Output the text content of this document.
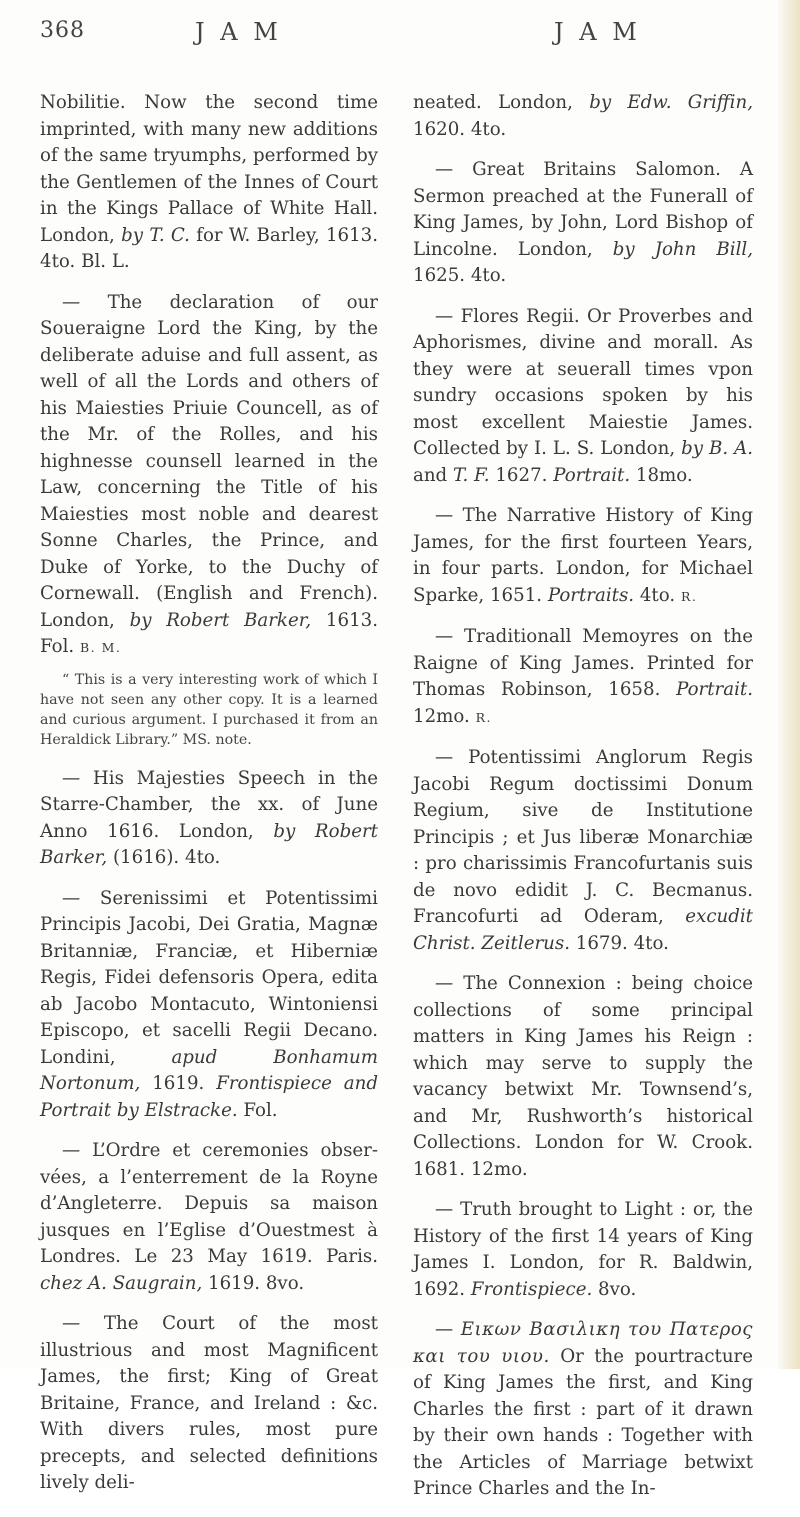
368	J A M	J A M

Nobilitie. Now the second time imprinted, with many new additions of the same tryumphs, performed by the Gentlemen of the Innes of Court in the Kings Pallace of White Hall. London, by T. C. for W. Barley, 1613. 4to. Bl. L.

— The declaration of our Soueraigne Lord the King, by the deliberate aduise and full assent, as well of all the Lords and others of his Maiesties Priuie Councell, as of the Mr. of the Rolles, and his highnesse counsell learned in the Law, concerning the Title of his Maiesties most noble and dearest Sonne Charles, the Prince, and Duke of Yorke, to the Duchy of Cornewall. (English and French). London, by Robert Barker, 1613. Fol. B. M.

“ This is a very interesting work of which I have not seen any other copy. It is a learned and curious argument. I purchased it from an Heraldick Library.” MS. note.

— His Majesties Speech in the Starre-Chamber, the xx. of June Anno 1616. London, by Robert Barker, (1616). 4to.

— Serenissimi et Potentissimi Principis Jacobi, Dei Gratia, Magnæ Britanniæ, Franciæ, et Hiberniæ Regis, Fidei defensoris Opera, edita ab Jacobo Montacuto, Wintoniensi Episcopo, et sacelli Regii Decano. Londini, apud Bonhamum Nortonum, 1619. Frontispiece and Portrait by Elstracke. Fol.

— L’Ordre et ceremonies obser-vées, a l’enterrement de la Royne d’Angleterre. Depuis sa maison jusques en l’Eglise d’Ouestmest à Londres. Le 23 May 1619. Paris. chez A. Saugrain, 1619. 8vo.

— The Court of the most illustrious and most Magnificent James, the first; King of Great Britaine, France, and Ireland : &c. With divers rules, most pure precepts, and selected definitions lively deli-

neated. London, by Edw. Griffin, 1620. 4to.

— Great Britains Salomon. A Sermon preached at the Funerall of King James, by John, Lord Bishop of Lincolne. London, by John Bill, 1625. 4to.

— Flores Regii. Or Proverbes and Aphorismes, divine and morall. As they were at seuerall times vpon sundry occasions spoken by his most excellent Maiestie James. Collected by I. L. S. London, by B. A. and T. F. 1627. Portrait. 18mo.

— The Narrative History of King James, for the first fourteen Years, in four parts. London, for Michael Sparke, 1651. Portraits. 4to. R.

— Traditionall Memoyres on the Raigne of King James. Printed for Thomas Robinson, 1658. Portrait. 12mo. R.

— Potentissimi Anglorum Regis Jacobi Regum doctissimi Donum Regium, sive de Institutione Principis ; et Jus liberæ Monarchiæ : pro charissimis Francofurtanis suis de novo edidit J. C. Becmanus. Francofurti ad Oderam, excudit Christ. Zeitlerus. 1679. 4to.

— The Connexion : being choice collections of some principal matters in King James his Reign : which may serve to supply the vacancy betwixt Mr. Townsend’s, and Mr, Rushworth’s historical Collections. London for W. Crook. 1681. 12mo.

— Truth brought to Light : or, the History of the first 14 years of King James I. London, for R. Baldwin, 1692. Frontispiece. 8vo.

— Εικων Βασιλικη του Πατερος και του υιου. Or the pourtracture of King James the first, and King Charles the first : part of it drawn by their own hands : Together with the Articles of Marriage betwixt Prince Charles and the In-
